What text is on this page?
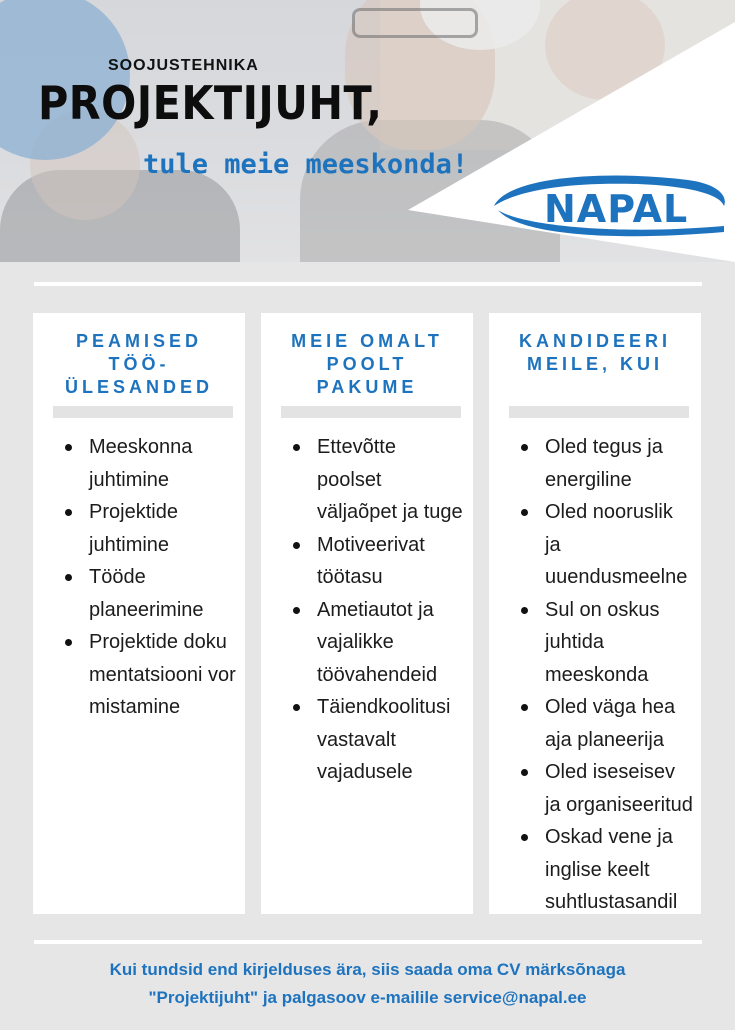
SOOJUSTEHNIKA
PROJEKTIJUHT,
tule meie meeskonda!
NAPAL
PEAMISED TÖÖ-ÜLESANDED
Meeskonna juhtimine
Projektide juhtimine
Tööde planeerimine
Projektide dokumentatsiooni vormistamine
MEIE OMALT POOLT PAKUME
Ettevõtte poolset väljaõpet ja tuge
Motiveerivat töötasu
Ametiautot ja vajalikke töövahendeid
Täiendkoolitusi vastavalt vajadusele
KANDIDEERI MEILE, KUI
Oled tegus ja energiline
Oled nooruslik ja uuendusmeelne
Sul on oskus juhtida meeskonda
Oled väga hea aja planeerija
Oled iseseisev ja organiseeritud
Oskad vene ja inglise keelt suhtlustasandil
Kui tundsid end kirjelduses ära, siis saada oma CV märksõnaga
"Projektijuht" ja palgasoov e-mailile service@napal.ee
